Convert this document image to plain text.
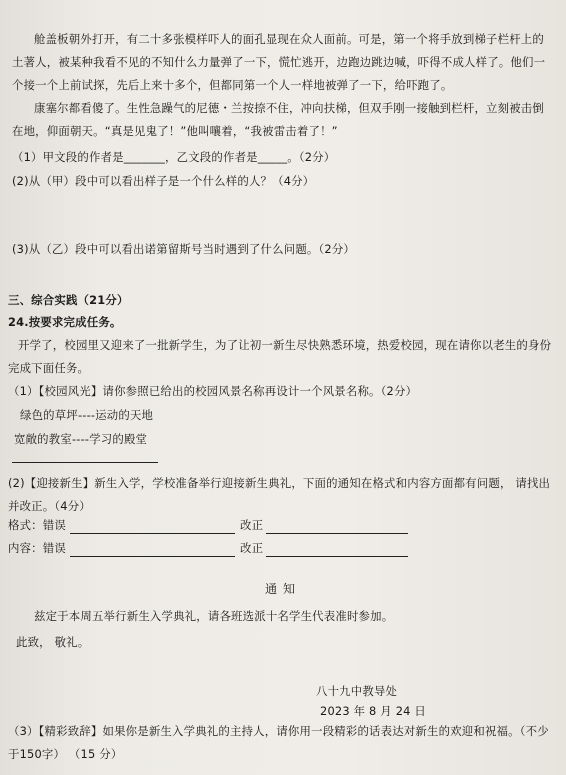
舱盖板朝外打开，有二十多张模样吓人的面孔显现在众人面前。可是，第一个将手放到梯子栏杆上的土著人，被某种我看不见的不知什么力量弹了一下，慌忙逃开，边跑边跳边喊，吓得不成人样了。他们一个接一个上前试探，先后上来十多个，但都同第一个人一样地被弹了一下，给吓跑了。
康塞尔都看傻了。生性急躁气的尼德・兰按捺不住，冲向扶梯，但双手刚一接触到栏杆，立刻被击倒在地，仰面朝天。“真是见鬼了！”他叫嚷着，“我被雷击着了！”
（1）甲文段的作者是_______，乙文段的作者是_____。（2分）
(2)从（甲）段中可以看出样子是一个什么样的人？（4分）
(3)从（乙）段中可以看出诺第留斯号当时遇到了什么问题。（2分）
三、综合实践（21分）
24.按要求完成任务。
开学了，校园里又迎来了一批新学生，为了让初一新生尽快熟悉环境，热爱校园，现在请你以老生的身份完成下面任务。
（1）【校园风光】请你参照已给出的校园风景名称再设计一个风景名称。（2分）
绿色的草坪----运动的天地
宽敞的教室----学习的殿堂
(2)【迎接新生】新生入学，学校准备举行迎接新生典礼，下面的通知在格式和内容方面都有问题， 请找出并改正。（4分）
格式：错误	改正
内容：错误	改正
通知
兹定于本周五举行新生入学典礼，请各班选派十名学生代表准时参加。
此致， 敬礼。
八十九中教导处
2023 年 8 月 24 日
（3）【精彩致辞】如果你是新生入学典礼的主持人，请你用一段精彩的话表达对新生的欢迎和祝福。（不少于150字） （15 分）
